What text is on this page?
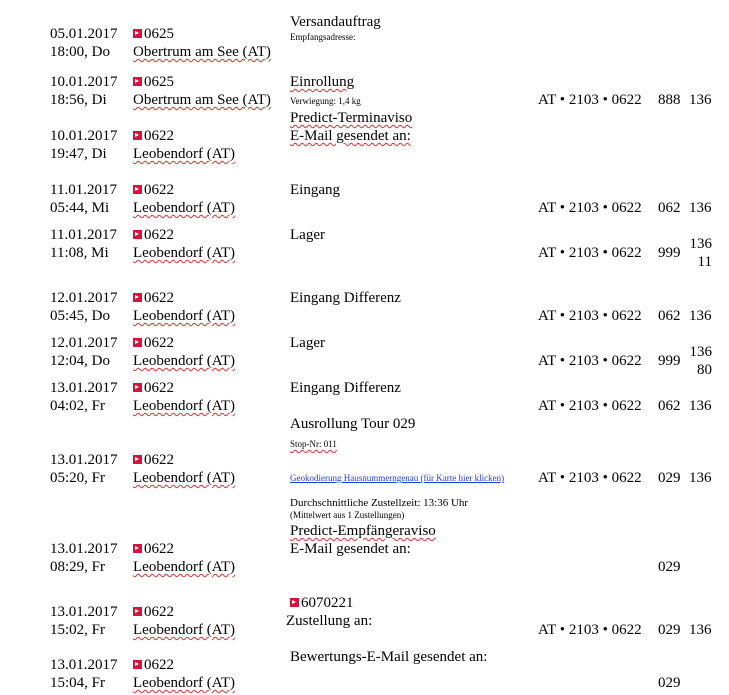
05.01.2017
18:00, Do
0625
Obertrum am See (AT)
Versandauftrag
Empfangsadresse:
10.01.2017
18:56, Di
0625
Obertrum am See (AT)
Einrollung
Verwiegung: 1,4 kg	AT • 2103 • 0622 888 136
10.01.2017
19:47, Di
0622
Leobendorf (AT)
Predict-Terminaviso
E-Mail gesendet an:
11.01.2017
05:44, Mi
0622
Leobendorf (AT)
Eingang
AT • 2103 • 0622 062 136
11.01.2017
11:08, Mi
0622
Leobendorf (AT)
Lager
AT • 2103 • 0622 999
136
11
12.01.2017
05:45, Do
0622
Leobendorf (AT)
Eingang Differenz
AT • 2103 • 0622 062 136
12.01.2017
12:04, Do
0622
Leobendorf (AT)
Lager
AT • 2103 • 0622 999
136
80
13.01.2017
04:02, Fr
0622
Leobendorf (AT)
Eingang Differenz
AT • 2103 • 0622 062 136
13.01.2017
05:20, Fr
0622
Leobendorf (AT)
Ausrollung Tour 029
Stop-Nr: 011
Geokodierung Hausnummerngenau (für Karte hier klicken)
Durchschnittliche Zustellzeit: 13:36 Uhr
(Mittelwert aus 1 Zustellungen)
AT • 2103 • 0622 029 136
13.01.2017
08:29, Fr
0622
Leobendorf (AT)
Predict-Empfängeraviso
E-Mail gesendet an:
029
13.01.2017
15:02, Fr
0622
Leobendorf (AT)
6070221
Zustellung an:
AT • 2103 • 0622 029 136
13.01.2017
15:04, Fr
0622
Leobendorf (AT)
Bewertungs-E-Mail gesendet an:
029
